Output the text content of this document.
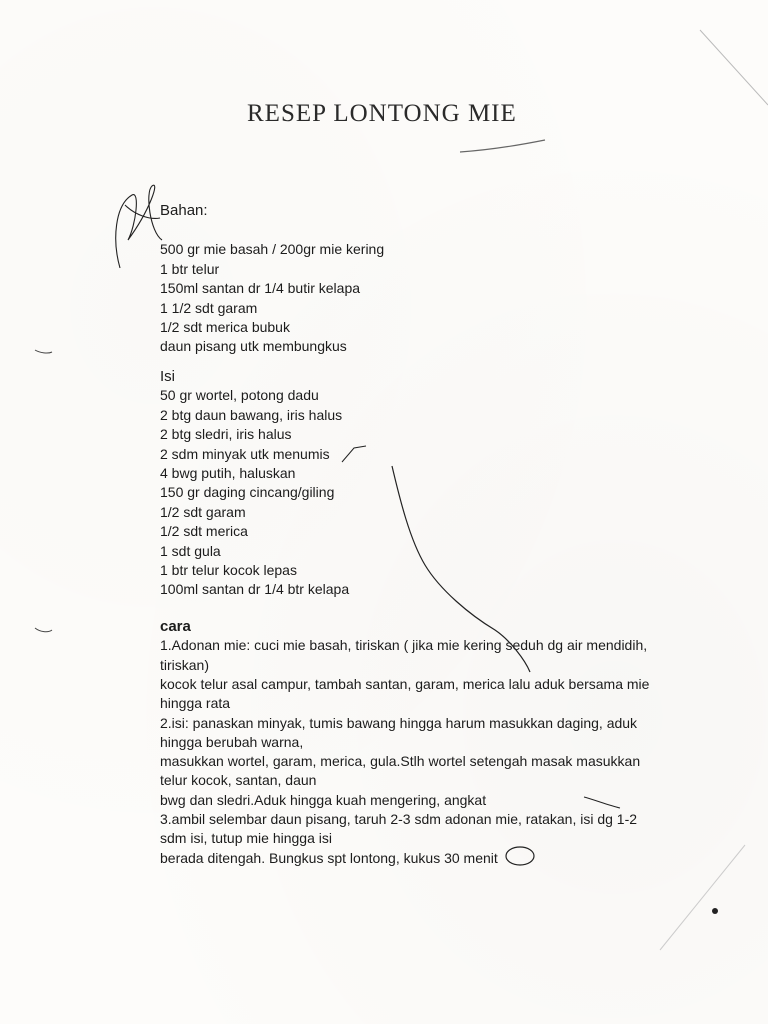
RESEP LONTONG MIE
Bahan:
500 gr mie basah / 200gr mie kering
1 btr telur
150ml santan dr 1/4 butir kelapa
1 1/2 sdt garam
1/2 sdt merica bubuk
daun pisang utk membungkus
Isi
50 gr wortel, potong dadu
2 btg daun bawang, iris halus
2 btg sledri, iris halus
2 sdm minyak utk menumis
4 bwg putih, haluskan
150 gr daging cincang/giling
1/2 sdt garam
1/2 sdt merica
1 sdt gula
1 btr telur kocok lepas
100ml santan dr 1/4 btr kelapa
cara
1.Adonan mie: cuci mie basah, tiriskan ( jika mie kering seduh dg air mendidih,
tiriskan)
kocok telur asal campur, tambah santan, garam, merica lalu aduk bersama mie
hingga rata
2.isi: panaskan minyak, tumis bawang hingga harum masukkan daging, aduk
hingga berubah warna,
masukkan wortel, garam, merica, gula.Stlh wortel setengah masak masukkan
telur kocok, santan, daun
bwg dan sledri.Aduk hingga kuah mengering, angkat
3.ambil selembar daun pisang, taruh 2-3 sdm adonan mie, ratakan, isi dg 1-2
sdm isi, tutup mie hingga isi
berada ditengah. Bungkus spt lontong, kukus 30 menit
